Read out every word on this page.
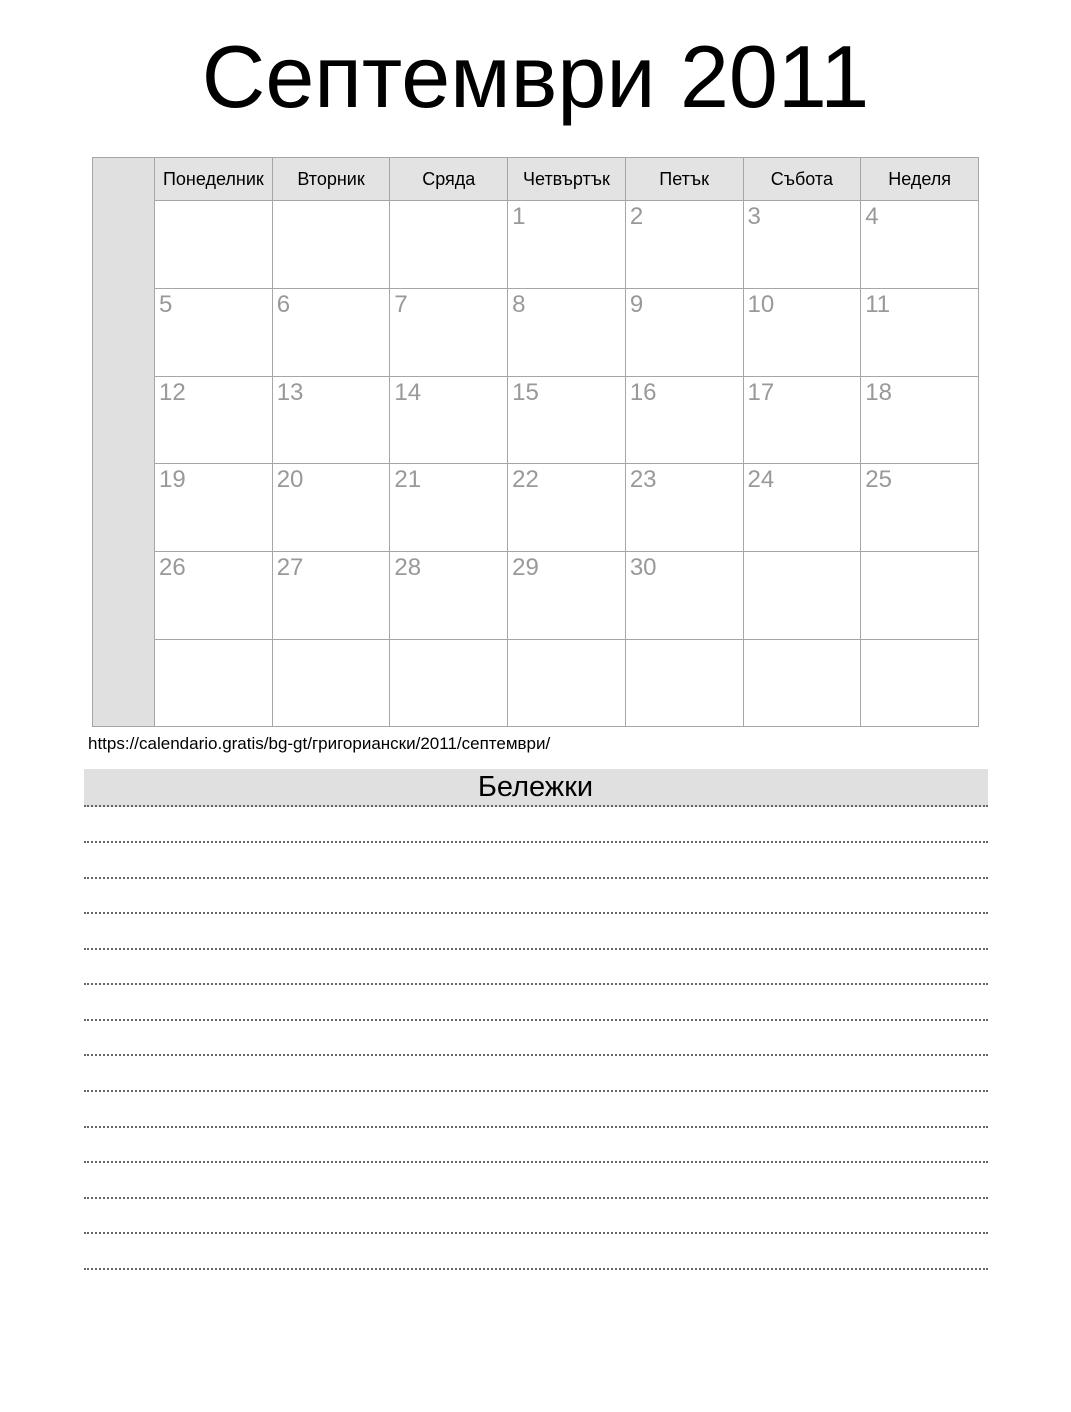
Септември 2011
	Понеделник	Вторник	Сряда	Четвъртък	Петък	Събота	Неделя

				1	2	3	4

	5	6	7	8	9	10	11

	12	13	14	15	16	17	18

	19	20	21	22	23	24	25

	26	27	28	29	30		

https://calendario.gratis/bg-gt/григориански/2011/септември/

Бележки
